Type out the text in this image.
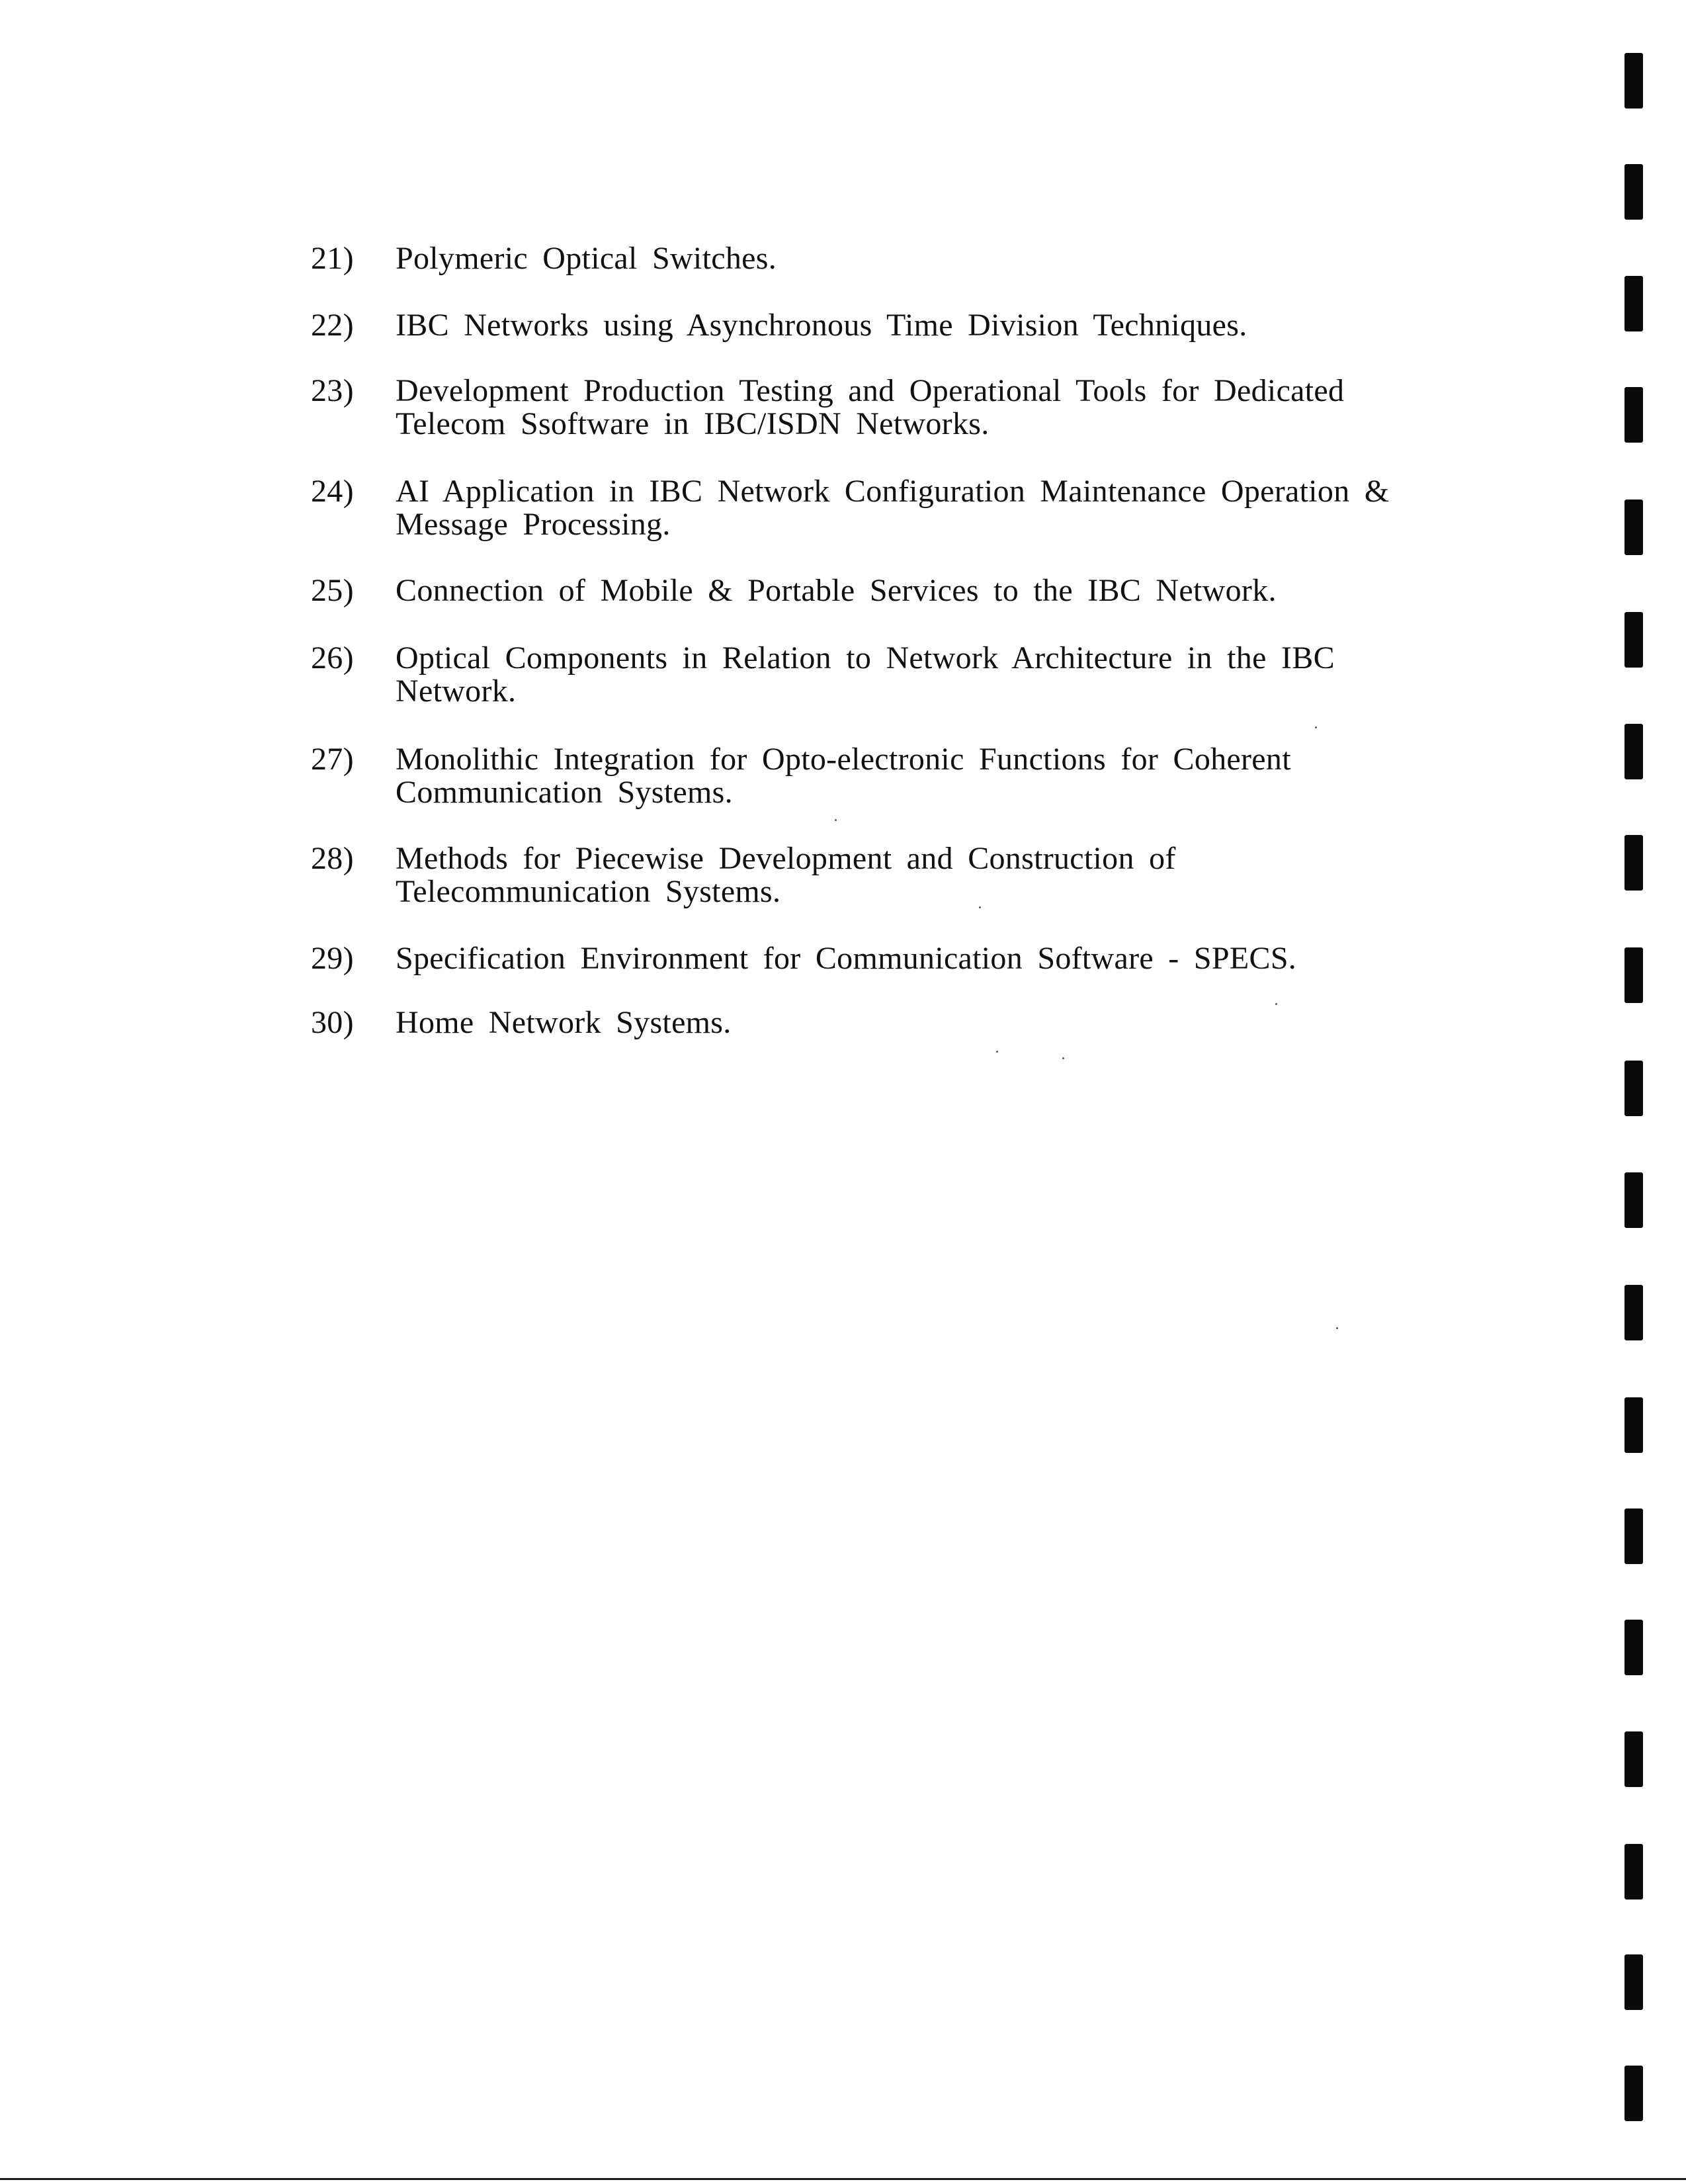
21)	Polymeric Optical Switches.
22)	IBC Networks using Asynchronous Time Division Techniques.
23)	Development Production Testing and Operational Tools for Dedicated
Telecom Ssoftware in IBC/ISDN Networks.
24)	AI Application in IBC Network Configuration Maintenance Operation &
Message Processing.
25)	Connection of Mobile & Portable Services to the IBC Network.
26)	Optical Components in Relation to Network Architecture in the IBC
Network.
27)	Monolithic Integration for Opto-electronic Functions for Coherent
Communication Systems.
28)	Methods for Piecewise Development and Construction of
Telecommunication Systems.
29)	Specification Environment for Communication Software - SPECS.
30)	Home Network Systems.
